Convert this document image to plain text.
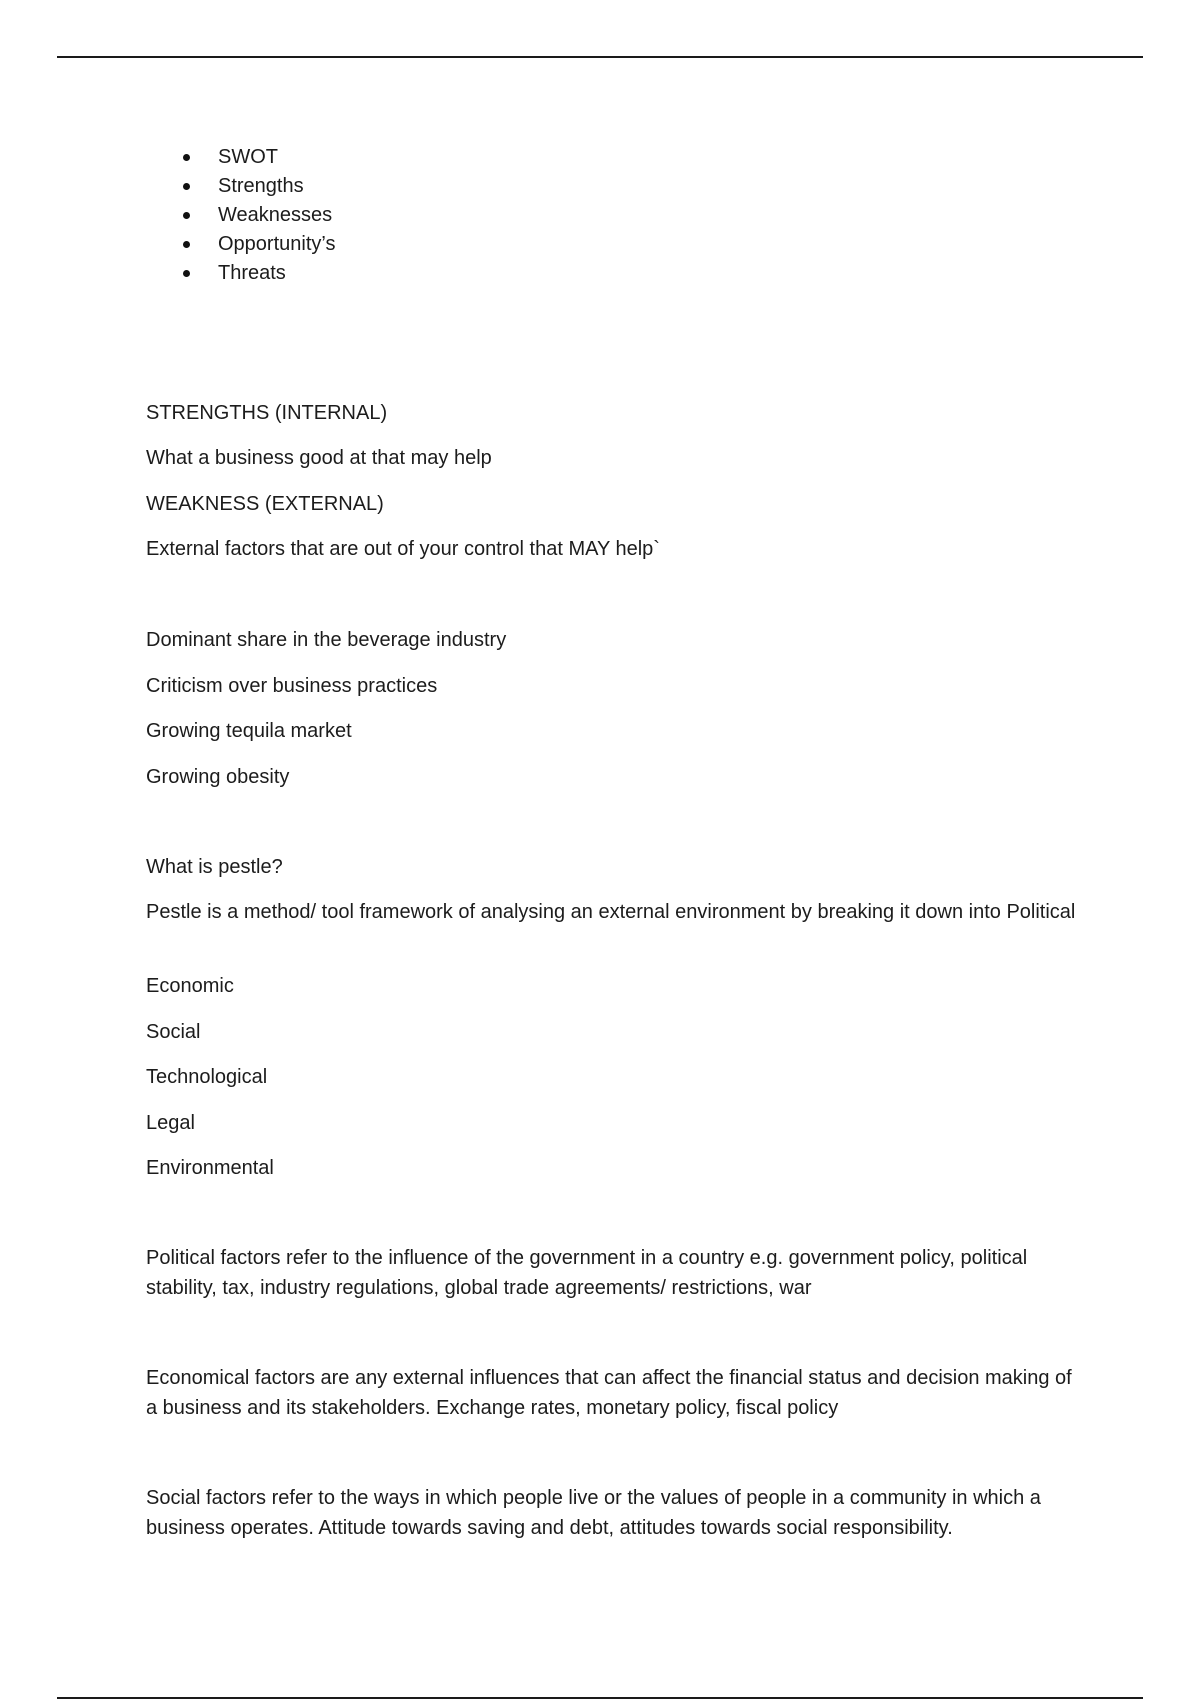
SWOT
Strengths
Weaknesses
Opportunity’s
Threats

STRENGTHS (INTERNAL)

What a business good at that may help

WEAKNESS (EXTERNAL)

External factors that are out of your control that MAY help`

Dominant share in the beverage industry

Criticism over business practices

Growing tequila market

Growing obesity

What is pestle?

Pestle is a method/ tool framework of analysing an external environment by breaking it down into Political

Economic

Social

Technological

Legal

Environmental

Political factors refer to the influence of the government in a country e.g. government policy, political stability, tax, industry regulations, global trade agreements/ restrictions, war

Economical factors are any external influences that can affect the financial status and decision making of a business and its stakeholders. Exchange rates, monetary policy, fiscal policy

Social factors refer to the ways in which people live or the values of people in a community in which a business operates. Attitude towards saving and debt, attitudes towards social responsibility.
